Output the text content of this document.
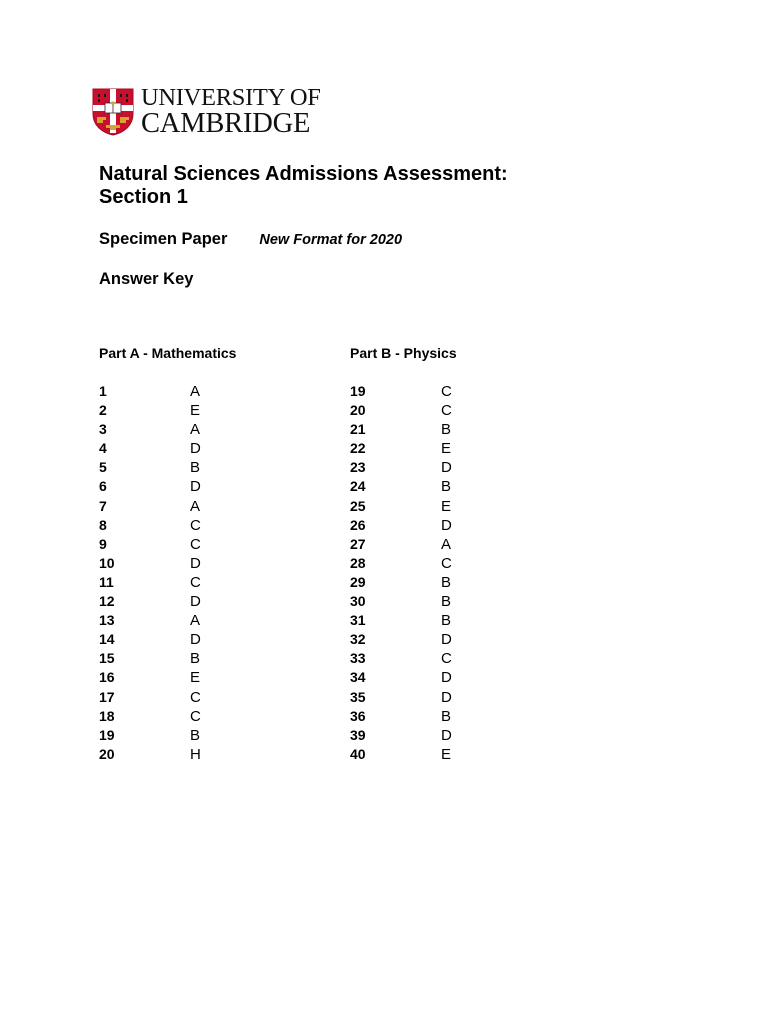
UNIVERSITY OF
CAMBRIDGE
Natural Sciences Admissions Assessment:
Section 1
Specimen Paper New Format for 2020
Answer Key
Part A - Mathematics
1	A
2	E
3	A
4	D
5	B
6	D
7	A
8	C
9	C
10	D
11	C
12	D
13	A
14	D
15	B
16	E
17	C
18	C
19	B
20	H
Part B - Physics
19	C
20	C
21	B
22	E
23	D
24	B
25	E
26	D
27	A
28	C
29	B
30	B
31	B
32	D
33	C
34	D
35	D
36	B
39	D
40	E
